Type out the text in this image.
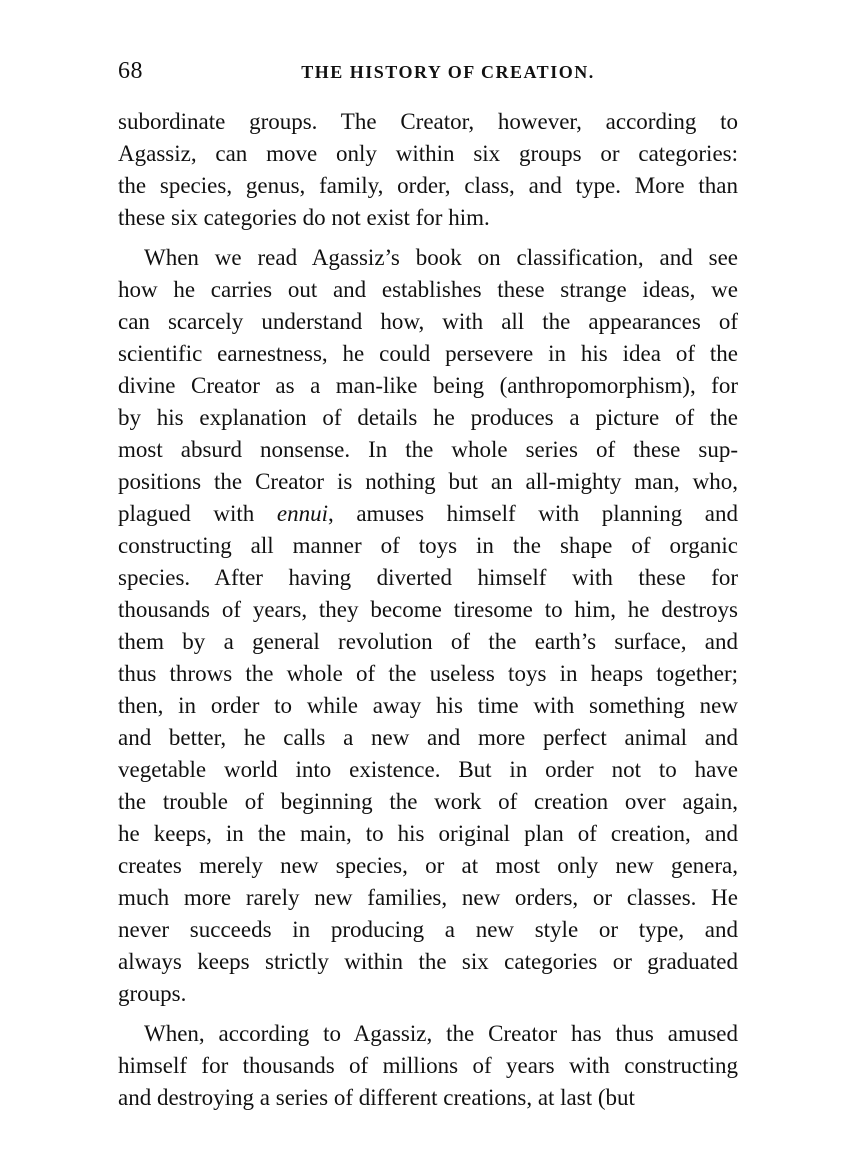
68	THE HISTORY OF CREATION.
subordinate groups. The Creator, however, according to
Agassiz, can move only within six groups or categories:
the species, genus, family, order, class, and type. More than
these six categories do not exist for him.
When we read Agassiz’s book on classification, and see
how he carries out and establishes these strange ideas, we
can scarcely understand how, with all the appearances of
scientific earnestness, he could persevere in his idea of the
divine Creator as a man-like being (anthropomorphism), for
by his explanation of details he produces a picture of the
most absurd nonsense. In the whole series of these sup-
positions the Creator is nothing but an all-mighty man, who,
plagued with ennui, amuses himself with planning and
constructing all manner of toys in the shape of organic
species. After having diverted himself with these for
thousands of years, they become tiresome to him, he destroys
them by a general revolution of the earth’s surface, and
thus throws the whole of the useless toys in heaps together;
then, in order to while away his time with something new
and better, he calls a new and more perfect animal and
vegetable world into existence. But in order not to have
the trouble of beginning the work of creation over again,
he keeps, in the main, to his original plan of creation, and
creates merely new species, or at most only new genera,
much more rarely new families, new orders, or classes. He
never succeeds in producing a new style or type, and
always keeps strictly within the six categories or graduated
groups.
When, according to Agassiz, the Creator has thus amused
himself for thousands of millions of years with constructing
and destroying a series of different creations, at last (but
